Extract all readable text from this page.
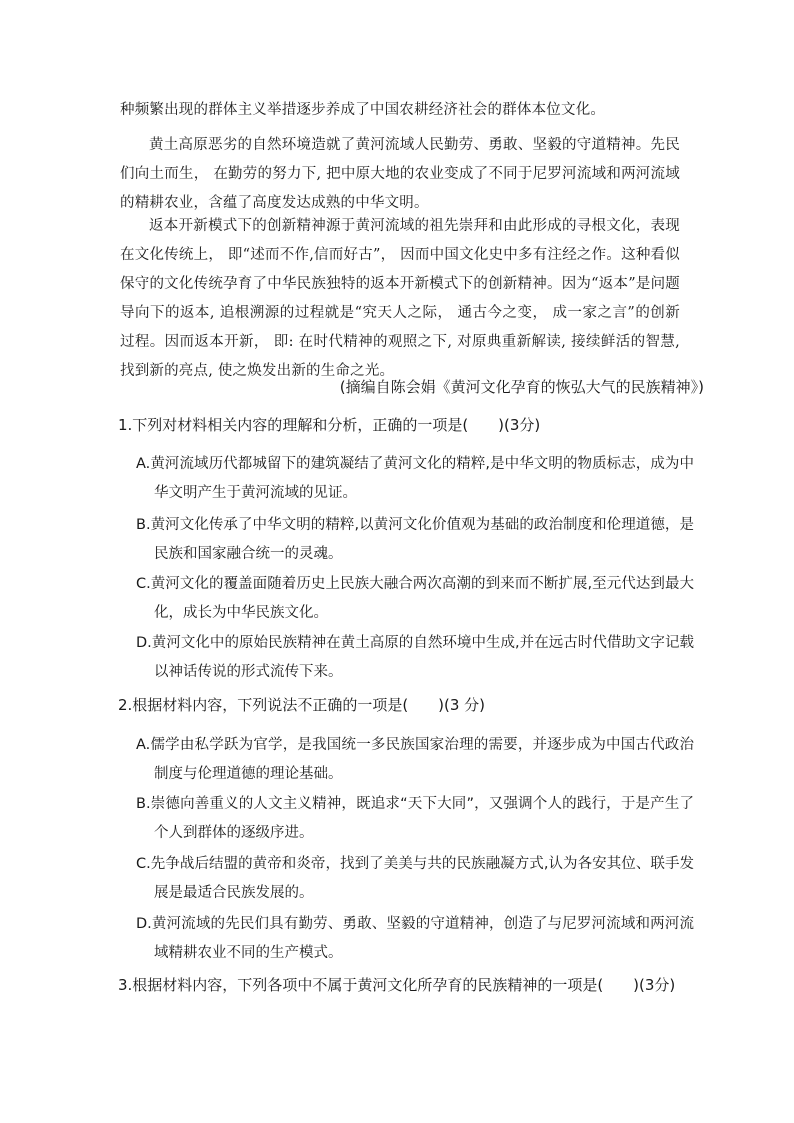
种频繁出现的群体主义举措逐步养成了中国农耕经济社会的群体本位文化。

黄土高原恶劣的自然环境造就了黄河流域人民勤劳、勇敢、坚毅的守道精神。先民们向土而生， 在勤劳的努力下, 把中原大地的农业变成了不同于尼罗河流域和两河流域的精耕农业，含蕴了高度发达成熟的中华文明。

返本开新模式下的创新精神源于黄河流域的祖先崇拜和由此形成的寻根文化，表现在文化传统上， 即“述而不作,信而好古”， 因而中国文化史中多有注经之作。这种看似保守的文化传统孕育了中华民族独特的返本开新模式下的创新精神。因为“返本”是问题导向下的返本, 追根溯源的过程就是“究天人之际， 通古今之变， 成一家之言”的创新过程。因而返本开新， 即: 在时代精神的观照之下, 对原典重新解读, 接续鲜活的智慧, 找到新的亮点, 使之焕发出新的生命之光。

(摘编自陈会娟《黄河文化孕育的恢弘大气的民族精神》)

1.下列对材料相关内容的理解和分析，正确的一项是(　　)(3分)

A.黄河流域历代都城留下的建筑凝结了黄河文化的精粹,是中华文明的物质标志，成为中华文明产生于黄河流域的见证。

B.黄河文化传承了中华文明的精粹,以黄河文化价值观为基础的政治制度和伦理道德，是民族和国家融合统一的灵魂。

C.黄河文化的覆盖面随着历史上民族大融合两次高潮的到来而不断扩展,至元代达到最大化，成长为中华民族文化。

D.黄河文化中的原始民族精神在黄土高原的自然环境中生成,并在远古时代借助文字记载以神话传说的形式流传下来。

2.根据材料内容，下列说法不正确的一项是(　　)(3 分)

A.儒学由私学跃为官学，是我国统一多民族国家治理的需要，并逐步成为中国古代政治制度与伦理道德的理论基础。

B.崇德向善重义的人文主义精神，既追求“天下大同”，又强调个人的践行，于是产生了个人到群体的逐级序进。

C.先争战后结盟的黄帝和炎帝，找到了美美与共的民族融凝方式,认为各安其位、联手发展是最适合民族发展的。

D.黄河流域的先民们具有勤劳、勇敢、坚毅的守道精神，创造了与尼罗河流域和两河流域精耕农业不同的生产模式。

3.根据材料内容，下列各项中不属于黄河文化所孕育的民族精神的一项是(　　)(3分)
